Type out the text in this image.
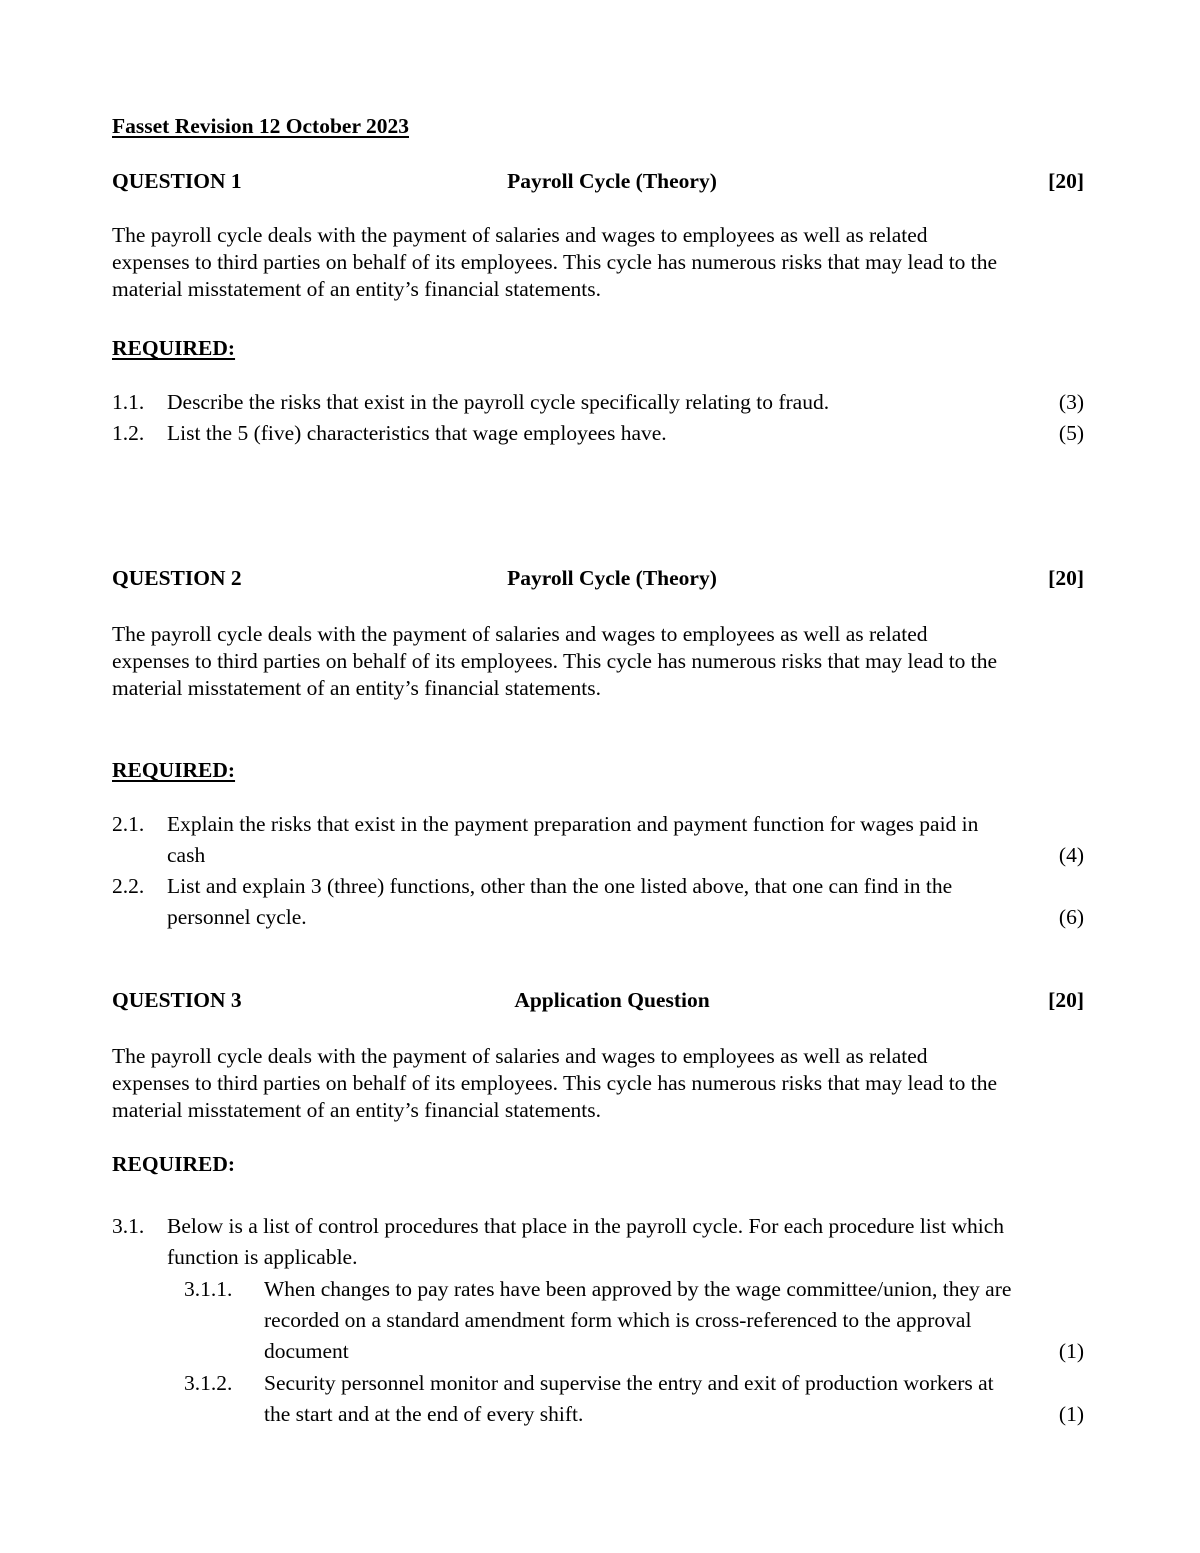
Fasset Revision 12 October 2023
QUESTION 1	Payroll Cycle (Theory)	[20]
The payroll cycle deals with the payment of salaries and wages to employees as well as related
expenses to third parties on behalf of its employees. This cycle has numerous risks that may lead to the
material misstatement of an entity’s financial statements.
REQUIRED:
1.1. Describe the risks that exist in the payroll cycle specifically relating to fraud.	(3)
1.2. List the 5 (five) characteristics that wage employees have.	(5)
QUESTION 2	Payroll Cycle (Theory)	[20]
The payroll cycle deals with the payment of salaries and wages to employees as well as related
expenses to third parties on behalf of its employees. This cycle has numerous risks that may lead to the
material misstatement of an entity’s financial statements.
REQUIRED:
2.1. Explain the risks that exist in the payment preparation and payment function for wages paid in
cash	(4)
2.2. List and explain 3 (three) functions, other than the one listed above, that one can find in the
personnel cycle.	(6)
QUESTION 3	Application Question	[20]
The payroll cycle deals with the payment of salaries and wages to employees as well as related
expenses to third parties on behalf of its employees. This cycle has numerous risks that may lead to the
material misstatement of an entity’s financial statements.
REQUIRED:
3.1. Below is a list of control procedures that place in the payroll cycle. For each procedure list which
function is applicable.
3.1.1. When changes to pay rates have been approved by the wage committee/union, they are
recorded on a standard amendment form which is cross-referenced to the approval
document	(1)
3.1.2. Security personnel monitor and supervise the entry and exit of production workers at
the start and at the end of every shift.	(1)
